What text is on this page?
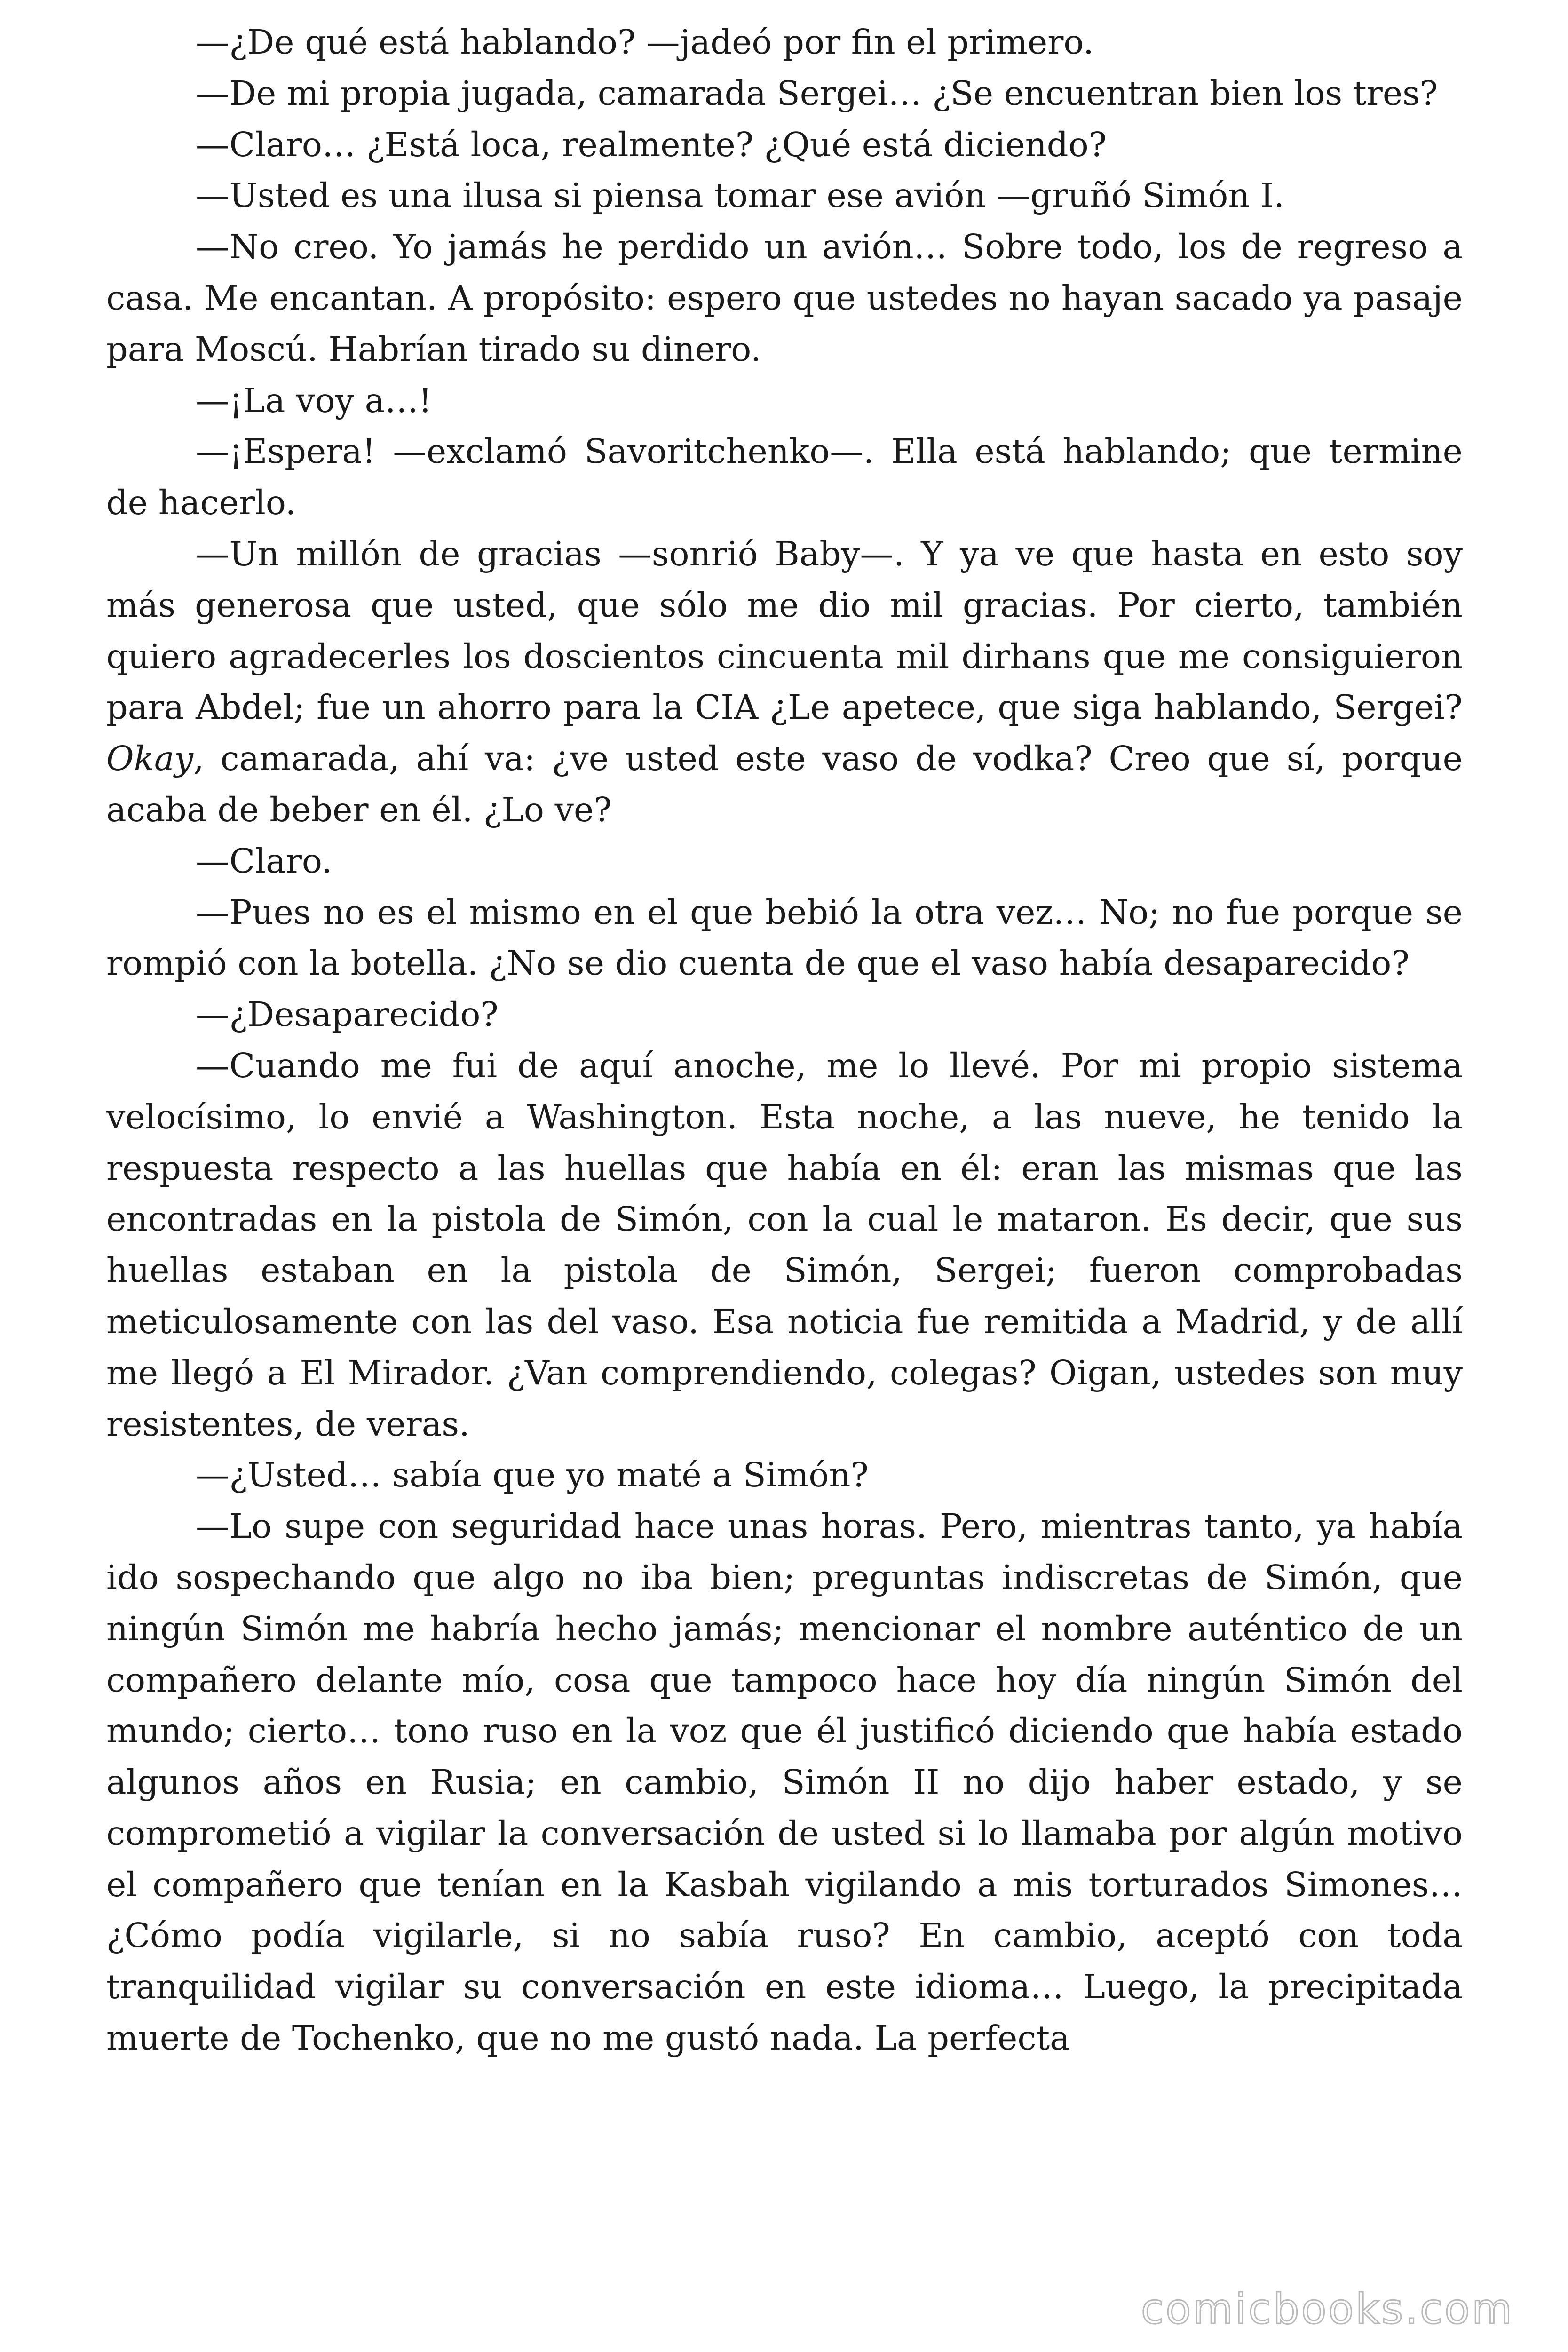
—¿De qué está hablando? —jadeó por fin el primero.

—De mi propia jugada, camarada Sergei… ¿Se encuentran bien los tres?

—Claro… ¿Está loca, realmente? ¿Qué está diciendo?

—Usted es una ilusa si piensa tomar ese avión —gruñó Simón I.

—No creo. Yo jamás he perdido un avión… Sobre todo, los de regreso a casa. Me encantan. A propósito: espero que ustedes no hayan sacado ya pasaje para Moscú. Habrían tirado su dinero.

—¡La voy a…!

—¡Espera! —exclamó Savoritchenko—. Ella está hablando; que termine de hacerlo.

—Un millón de gracias —sonrió Baby—. Y ya ve que hasta en esto soy más generosa que usted, que sólo me dio mil gracias. Por cierto, también quiero agradecerles los doscientos cincuenta mil dirhans que me consiguieron para Abdel; fue un ahorro para la CIA ¿Le apetece, que siga hablando, Sergei? Okay, camarada, ahí va: ¿ve usted este vaso de vodka? Creo que sí, porque acaba de beber en él. ¿Lo ve?

—Claro.

—Pues no es el mismo en el que bebió la otra vez… No; no fue porque se rompió con la botella. ¿No se dio cuenta de que el vaso había desaparecido?

—¿Desaparecido?

—Cuando me fui de aquí anoche, me lo llevé. Por mi propio sistema velocísimo, lo envié a Washington. Esta noche, a las nueve, he tenido la respuesta respecto a las huellas que había en él: eran las mismas que las encontradas en la pistola de Simón, con la cual le mataron. Es decir, que sus huellas estaban en la pistola de Simón, Sergei; fueron comprobadas meticulosamente con las del vaso. Esa noticia fue remitida a Madrid, y de allí me llegó a El Mirador. ¿Van comprendiendo, colegas? Oigan, ustedes son muy resistentes, de veras.

—¿Usted… sabía que yo maté a Simón?

—Lo supe con seguridad hace unas horas. Pero, mientras tanto, ya había ido sospechando que algo no iba bien; preguntas indiscretas de Simón, que ningún Simón me habría hecho jamás; mencionar el nombre auténtico de un compañero delante mío, cosa que tampoco hace hoy día ningún Simón del mundo; cierto… tono ruso en la voz que él justificó diciendo que había estado algunos años en Rusia; en cambio, Simón II no dijo haber estado, y se comprometió a vigilar la conversación de usted si lo llamaba por algún motivo el compañero que tenían en la Kasbah vigilando a mis torturados Simones… ¿Cómo podía vigilarle, si no sabía ruso? En cambio, aceptó con toda tranquilidad vigilar su conversación en este idioma… Luego, la precipitada muerte de Tochenko, que no me gustó nada. La perfecta

comicbooks.com
